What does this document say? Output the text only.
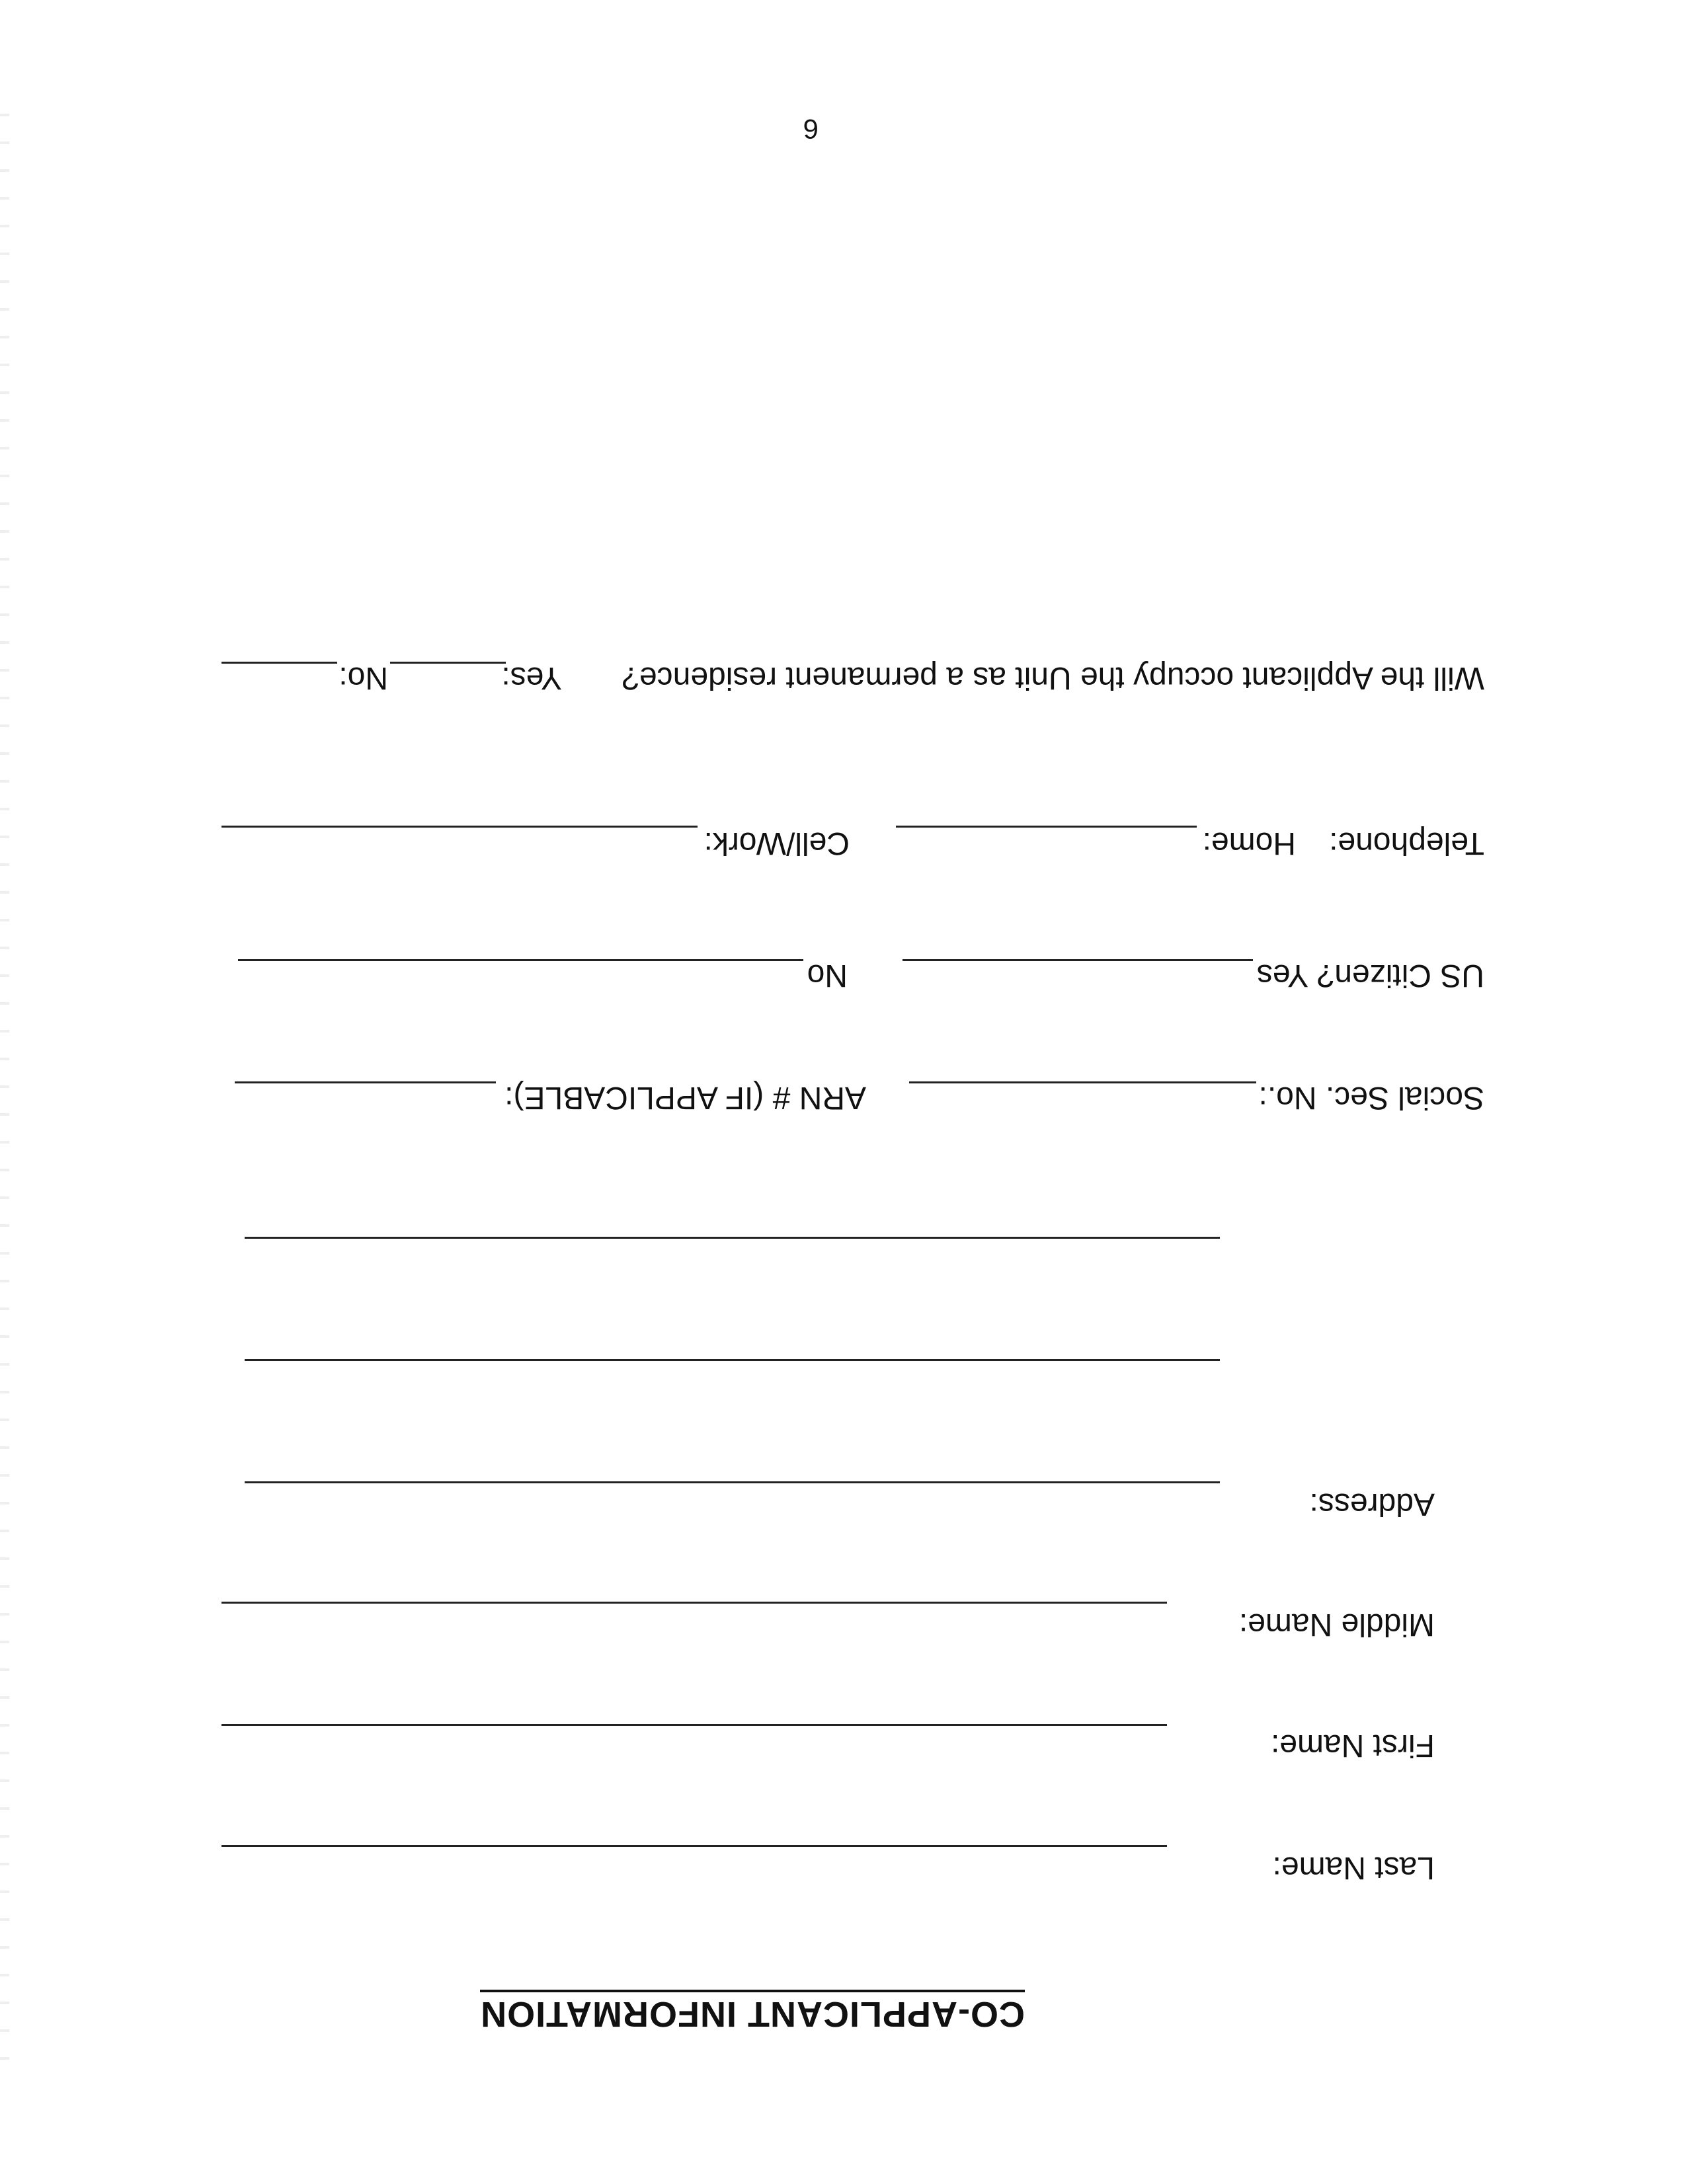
CO-APPLICANT INFORMATION
Last Name:
First Name:
Middle Name:
Address:
Social Sec. No.:
ARN # (IF APPLICABLE):
US Citizen? Yes
No
Telephone:
Home:
Cell/Work:
Will the Applicant occupy the Unit as a permanent residence?
Yes:
No:
6
